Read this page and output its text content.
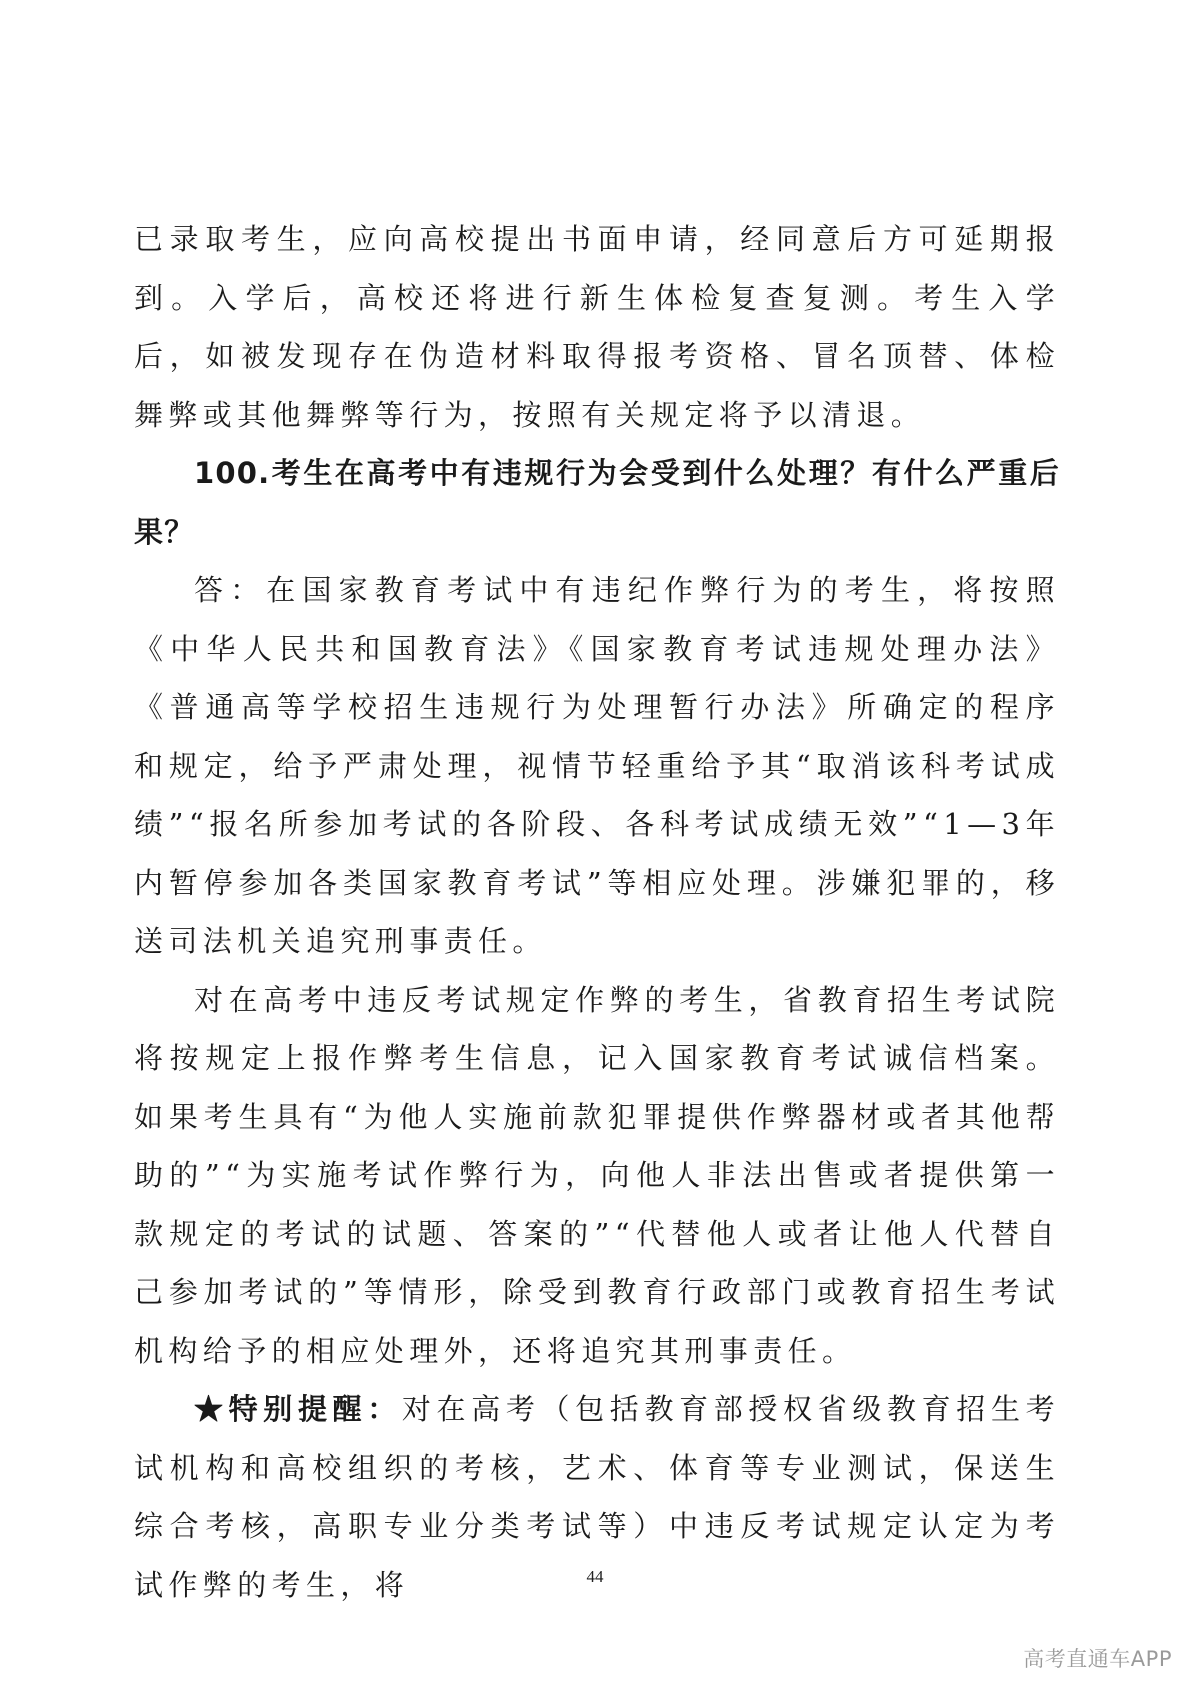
已录取考生，应向高校提出书面申请，经同意后方可延期报到。入学后，高校还将进行新生体检复查复测。考生入学后，如被发现存在伪造材料取得报考资格、冒名顶替、体检舞弊或其他舞弊等行为，按照有关规定将予以清退。

100.考生在高考中有违规行为会受到什么处理？有什么严重后果？

答：在国家教育考试中有违纪作弊行为的考生，将按照《中华人民共和国教育法》《国家教育考试违规处理办法》《普通高等学校招生违规行为处理暂行办法》所确定的程序和规定，给予严肃处理，视情节轻重给予其“取消该科考试成绩”“报名所参加考试的各阶段、各科考试成绩无效”“1—3年内暂停参加各类国家教育考试”等相应处理。涉嫌犯罪的，移送司法机关追究刑事责任。

对在高考中违反考试规定作弊的考生，省教育招生考试院将按规定上报作弊考生信息，记入国家教育考试诚信档案。如果考生具有“为他人实施前款犯罪提供作弊器材或者其他帮助的”“为实施考试作弊行为，向他人非法出售或者提供第一款规定的考试的试题、答案的”“代替他人或者让他人代替自己参加考试的”等情形，除受到教育行政部门或教育招生考试机构给予的相应处理外，还将追究其刑事责任。

★特别提醒：对在高考（包括教育部授权省级教育招生考试机构和高校组织的考核，艺术、体育等专业测试，保送生综合考核，高职专业分类考试等）中违反考试规定认定为考试作弊的考生，将	44
高考直通车APP
